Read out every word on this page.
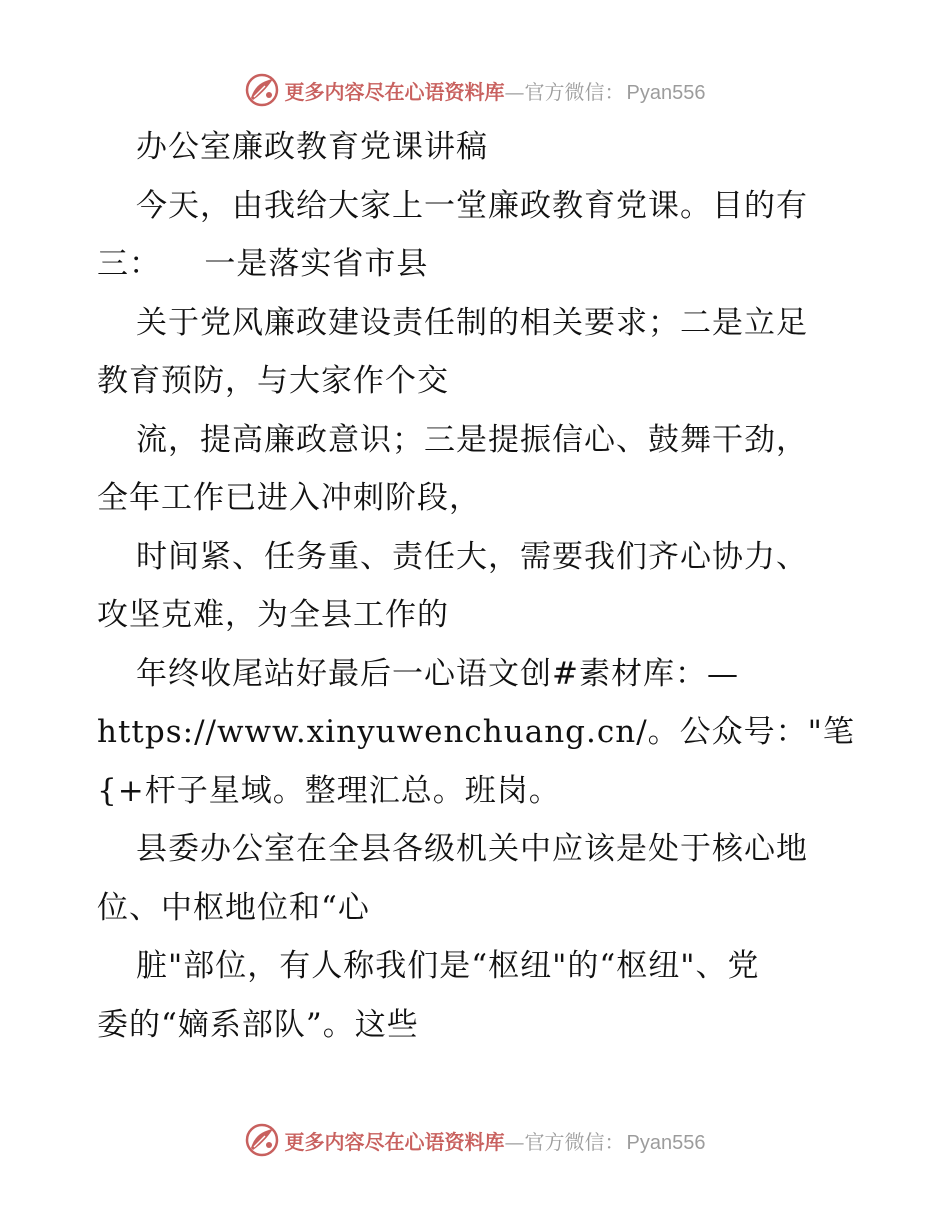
更多内容尽在心语资料库 —官方微信： Pyan556
办公室廉政教育党课讲稿
今天，由我给大家上一堂廉政教育党课。目的有
三：    一是落实省市县
关于党风廉政建设责任制的相关要求；二是立足
教育预防，与大家作个交
流，提高廉政意识；三是提振信心、鼓舞干劲，
全年工作已进入冲刺阶段，
时间紧、任务重、责任大，需要我们齐心协力、
攻坚克难，为全县工作的
年终收尾站好最后一心语文创#素材库：—
https://www.xinyuwenchuang.cn/。公众号："笔
{+杆子星域。整理汇总。班岗。
县委办公室在全县各级机关中应该是处于核心地
位、中枢地位和“心
脏"部位，有人称我们是“枢纽"的“枢纽"、党
委的“嫡系部队”。这些
更多内容尽在心语资料库 —官方微信： Pyan556
